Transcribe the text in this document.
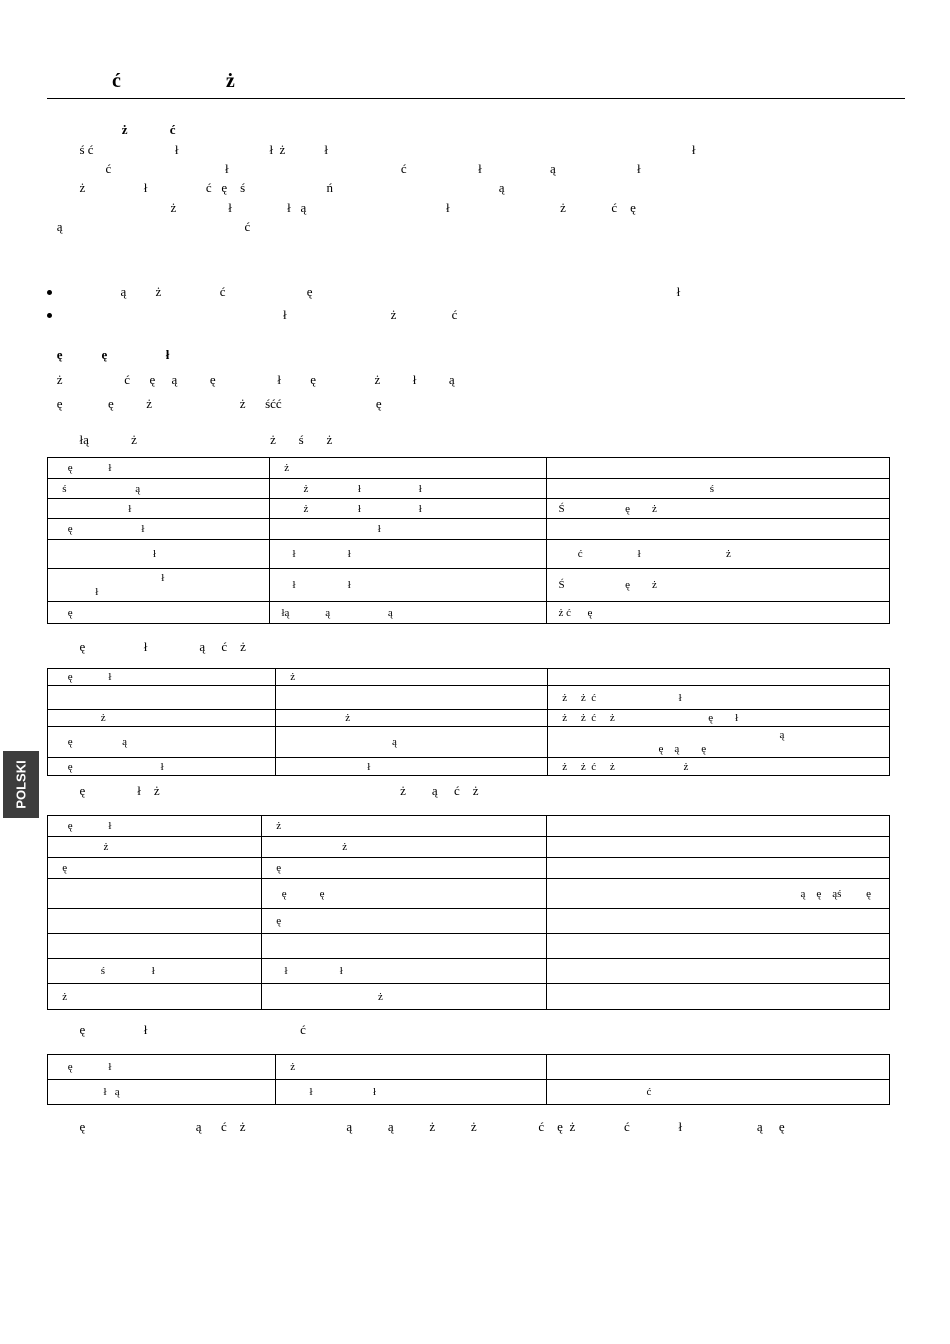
ć                     ż
ż             ć
ś ć                         ł                            ł  ż            ł                                                                                                                ł
ć                                   ł                                                     ć                      ł                     ą                         ł
ż                  ł                  ć   ę    ś                         ń                                                   ą
ż                ł                 ł   ą                                           ł                                  ż              ć    ę
ą                                                        ć
ą         ż                  ć                         ę                                                                                                                ł
ł                                ż                 ć
ę            ę                  ł
ż                   ć      ę     ą          ę                   ł         ę                  ż          ł          ą
ę              ę          ż                           ż      śćć                             ę
łą             ż                                         ż       ś       ż
ę             ł	ż	
ś                         ą	ż                  ł                     ł	ś
ł	ż                  ł                     ł	Ś                      ę        ż
ę                         ł	ł	
ł	ł                   ł	ć                    ł                               ż
ł
ł	ł                   ł	Ś                      ę        ż
ę	łą             ą                     ą	ż ć      ę
ę                  ł                ą     ć    ż
ę             ł	ż	
		ż     ż  ć                              ł
ż	ż	ż     ż  ć     ż                                  ę        ł
ę                  ą	ą	ą
ę    ą        ę
ę                                ł	ł	ż     ż  ć     ż                         ż
ę                ł    ż                                                                          ż        ą     ć    ż
ę             ł	ż	
ż	ż	
ę	ę	
	ę            ę	ą    ę    ąś         ę
	ę	

ś                 ł	ł                   ł	
ż	ż	
ę                  ł                                               ć
ę             ł	ż	
ł   ą	ł                      ł	ć
ę                                  ą      ć    ż                               ą           ą           ż           ż                   ć    ę  ż               ć               ł                       ą     ę
POLSKI
